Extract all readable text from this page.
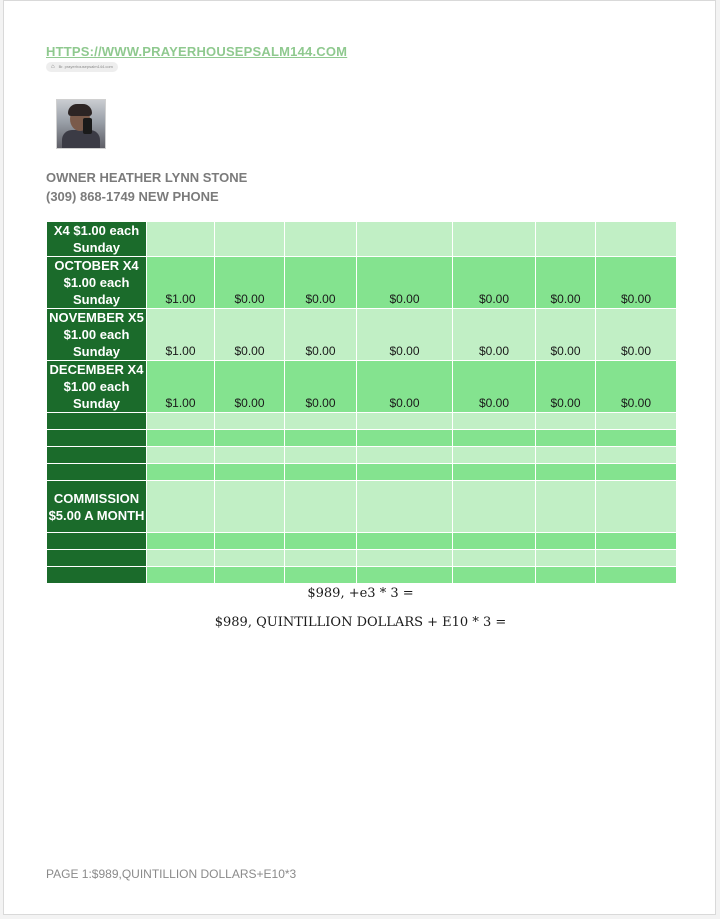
HTTPS://WWW.PRAYERHOUSEPSALM144.COM
⌂ Br. prayerhousepsalm144.com
OWNER HEATHER LYNN STONE
(309) 868-1749 NEW PHONE
X4 $1.00 each Sunday	

OCTOBER X4 $1.00 each Sunday	$1.00	$0.00	$0.00	$0.00	$0.00	$0.00	$0.00

NOVEMBER X5 $1.00 each Sunday	$1.00	$0.00	$0.00	$0.00	$0.00	$0.00	$0.00

DECEMBER X4 $1.00 each Sunday	$1.00	$0.00	$0.00	$0.00	$0.00	$0.00	$0.00

COMMISSION $5.00 A MONTH	

$989, +e3 * 3 =
$989, QUINTILLION DOLLARS + E10 * 3 =
PAGE 1:$989,QUINTILLION DOLLARS+E10*3
